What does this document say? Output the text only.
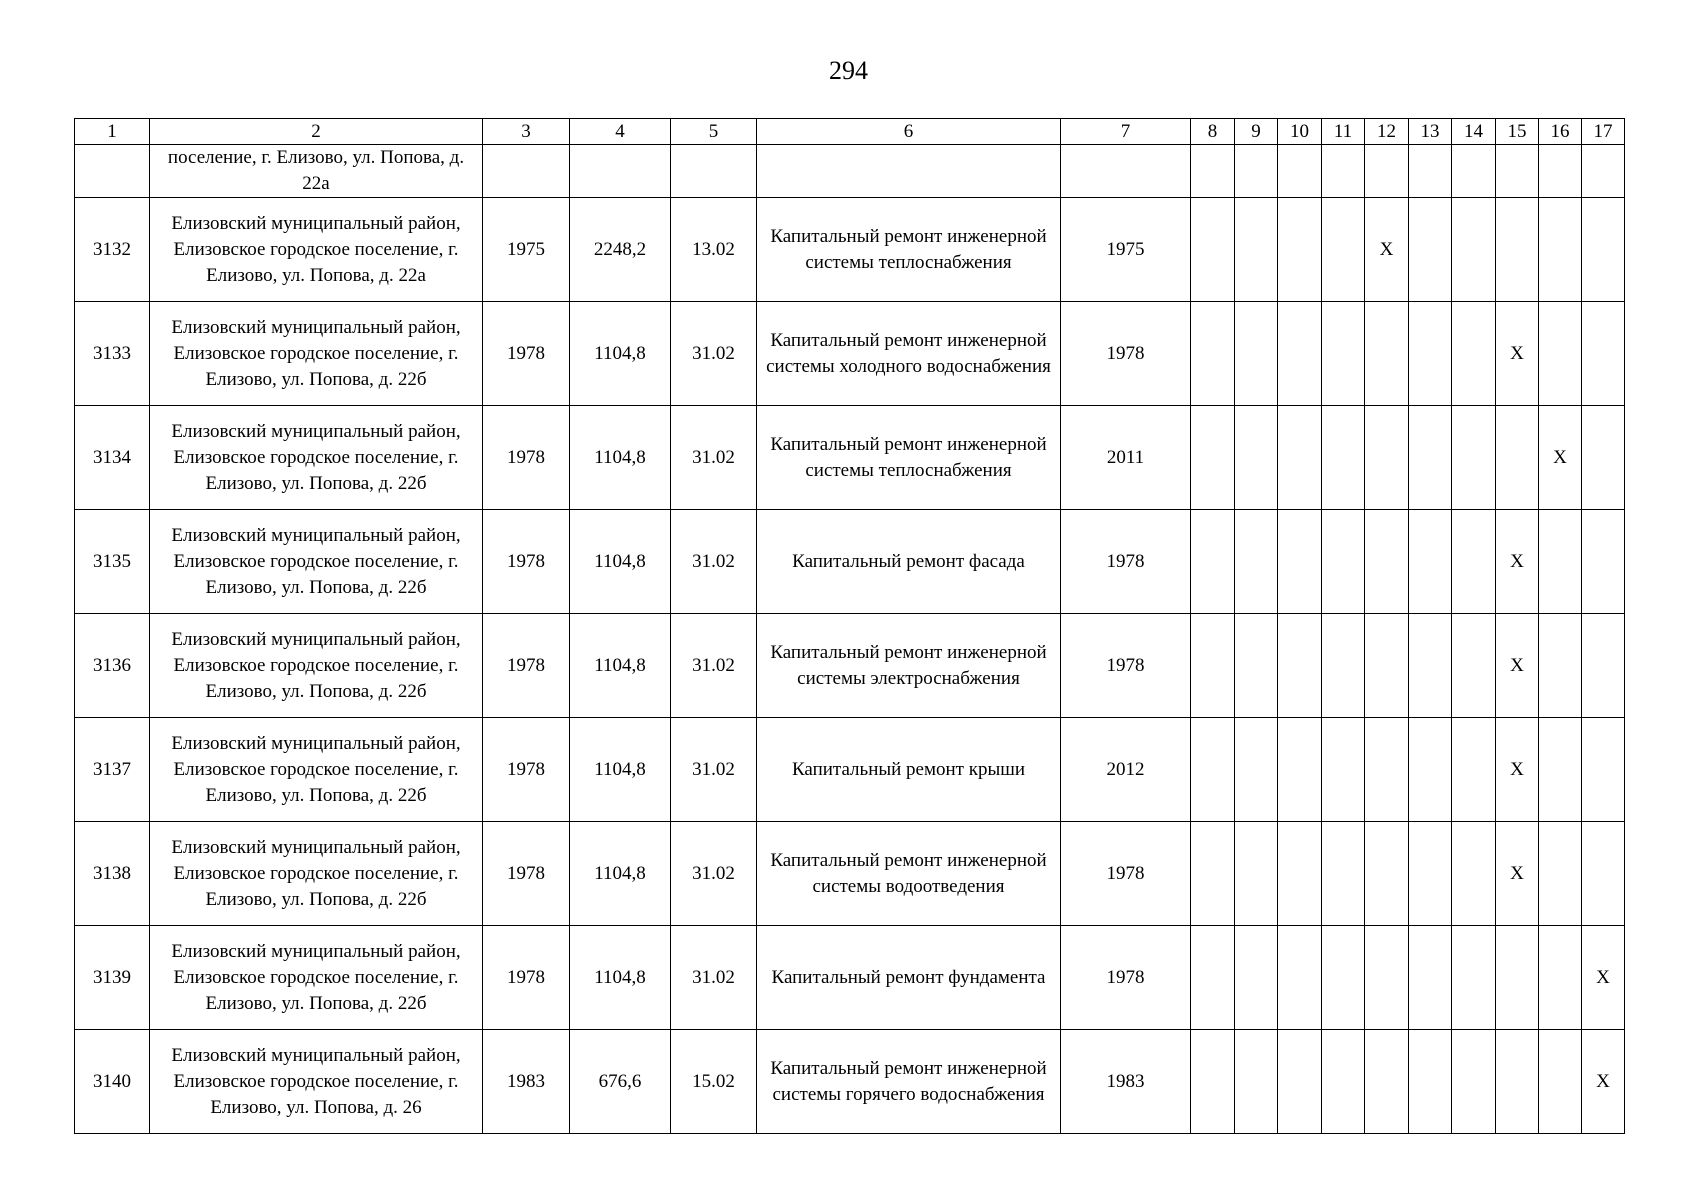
294
1	2	3	4	5	6	7	8	9	10	11	12	13	14	15	16	17
	поселение, г. Елизово, ул. Попова, д. 22а															
3132	Елизовский муниципальный район, Елизовское городское поселение, г. Елизово, ул. Попова, д. 22а	1975	2248,2	13.02	Капитальный ремонт инженерной системы теплоснабжения	1975					Х					
3133	Елизовский муниципальный район, Елизовское городское поселение, г. Елизово, ул. Попова, д. 22б	1978	1104,8	31.02	Капитальный ремонт инженерной системы холодного водоснабжения	1978								Х		
3134	Елизовский муниципальный район, Елизовское городское поселение, г. Елизово, ул. Попова, д. 22б	1978	1104,8	31.02	Капитальный ремонт инженерной системы теплоснабжения	2011									Х	
3135	Елизовский муниципальный район, Елизовское городское поселение, г. Елизово, ул. Попова, д. 22б	1978	1104,8	31.02	Капитальный ремонт фасада	1978								Х		
3136	Елизовский муниципальный район, Елизовское городское поселение, г. Елизово, ул. Попова, д. 22б	1978	1104,8	31.02	Капитальный ремонт инженерной системы электроснабжения	1978								Х		
3137	Елизовский муниципальный район, Елизовское городское поселение, г. Елизово, ул. Попова, д. 22б	1978	1104,8	31.02	Капитальный ремонт крыши	2012								Х		
3138	Елизовский муниципальный район, Елизовское городское поселение, г. Елизово, ул. Попова, д. 22б	1978	1104,8	31.02	Капитальный ремонт инженерной системы водоотведения	1978								Х		
3139	Елизовский муниципальный район, Елизовское городское поселение, г. Елизово, ул. Попова, д. 22б	1978	1104,8	31.02	Капитальный ремонт фундамента	1978										Х
3140	Елизовский муниципальный район, Елизовское городское поселение, г. Елизово, ул. Попова, д. 26	1983	676,6	15.02	Капитальный ремонт инженерной системы горячего водоснабжения	1983										Х
